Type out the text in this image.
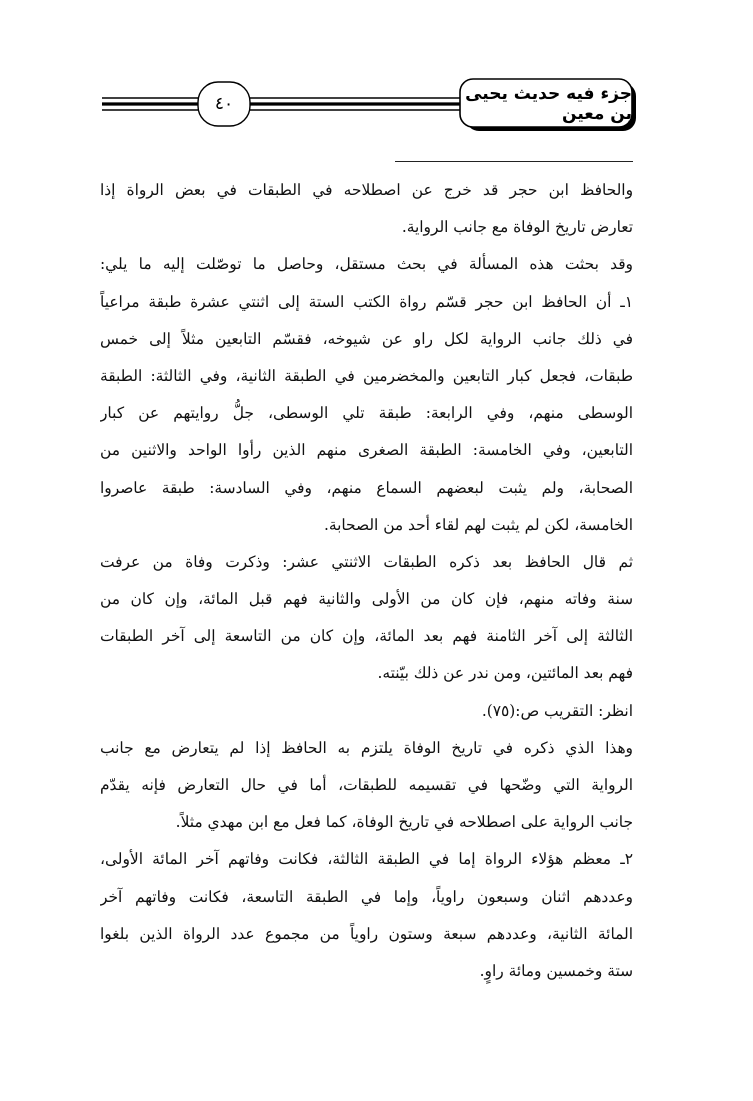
٤٠	جزء فيه حديث يحيى بن معين
والحافظ ابن حجر قد خرج عن اصطلاحه في الطبقات في بعض الرواة إذا
تعارض تاريخ الوفاة مع جانب الرواية.
وقد بحثت هذه المسألة في بحث مستقل، وحاصل ما توصّلت إليه ما يلي:
١ـ أن الحافظ ابن حجر قسّم رواة الكتب الستة إلى اثنتي عشرة طبقة مراعياً
في ذلك جانب الرواية لكل راو عن شيوخه، فقسّم التابعين مثلاً إلى خمس
طبقات، فجعل كبار التابعين والمخضرمين في الطبقة الثانية، وفي الثالثة: الطبقة
الوسطى منهم، وفي الرابعة: طبقة تلي الوسطى، جلُّ روايتهم عن كبار
التابعين، وفي الخامسة: الطبقة الصغرى منهم الذين رأوا الواحد والاثنين من
الصحابة، ولم يثبت لبعضهم السماع منهم، وفي السادسة: طبقة عاصروا
الخامسة، لكن لم يثبت لهم لقاء أحد من الصحابة.
ثم قال الحافظ بعد ذكره الطبقات الاثنتي عشر: وذكرت وفاة من عرفت
سنة وفاته منهم، فإن كان من الأولى والثانية فهم قبل المائة، وإن كان من
الثالثة إلى آخر الثامنة فهم بعد المائة، وإن كان من التاسعة إلى آخر الطبقات
فهم بعد المائتين، ومن ندر عن ذلك بيّنته.
انظر: التقريب ص:(٧٥).
وهذا الذي ذكره في تاريخ الوفاة يلتزم به الحافظ إذا لم يتعارض مع جانب
الرواية التي وضّحها في تقسيمه للطبقات، أما في حال التعارض فإنه يقدّم
جانب الرواية على اصطلاحه في تاريخ الوفاة، كما فعل مع ابن مهدي مثلاً.
٢ـ معظم هؤلاء الرواة إما في الطبقة الثالثة، فكانت وفاتهم آخر المائة الأولى،
وعددهم اثنان وسبعون راوياً، وإما في الطبقة التاسعة، فكانت وفاتهم آخر
المائة الثانية، وعددهم سبعة وستون راوياً من مجموع عدد الرواة الذين بلغوا
ستة وخمسين ومائة راوٍ.
